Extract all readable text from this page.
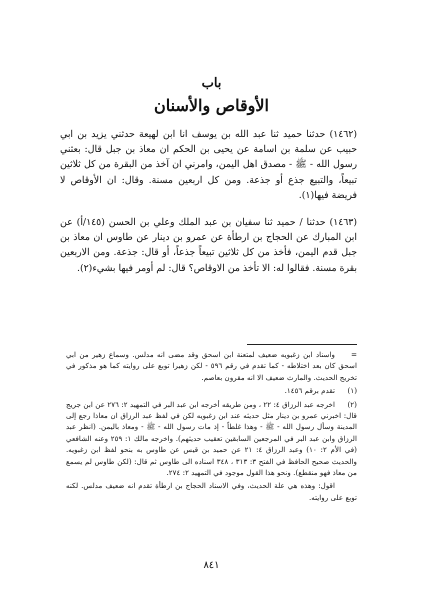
باب
الأوقاص والأسنان

(١٤٦٢) حدثنا حميد ثنا عبد الله بن يوسف انا ابن لهيعة حدثني يزيد بن ابي حبيب عن سلمة بن اسامة عن يحيى بن الحكم ان معاذ بن جبل قال: بعثني رسول الله - ﷺ - مصدق اهل اليمن، وامرني ان آخذ من البقرة من كل ثلاثين تبيعاً، والتبيع جذع أو جذعة. ومن كل اربعين مسنة. وقال: ان الأوقاص لا فريضة فيها(١).

(١٤٦٣) حدثنا / حميد ثنا سفيان بن عبد الملك وعلي بن الحسن (١٤٥/أ) عن ابن المبارك عن الحجاج بن ارطأة عن عمرو بن دينار عن طاوس ان معاذ بن جبل قدم اليمن، فأخذ من كل ثلاثين تبيعاً جذعاً، أو قال: جذعة. ومن الاربعين بقرة مسنة. فقالوا له: الا تأخذ من الاوقاص؟ قال: لم أومر فيها بشيء(٢).

=واسناد ابن زغبويه ضعيف لمتعنة ابن اسحق وقد مضى انه مدلس. وسماع زهير من ابي اسحق كان بعد اختلاطه - كما تقدم في رقم ٥٩٦ - لكن زهيرا توبع على روايته كما هو مذكور في تخريج الحديث. والمارث ضعيف الا انه مقرون بعاصم.

(١)تقدم برقم ١٤٥٦.

(٢)اخرجه عبد الرزاق ٤: ٢٢ ، ومن طريقه أخرجه ابن عبد البر في التمهيد ٢: ٢٧٦ عن ابن جريج قال: اخبرني عمرو بن دينار مثل حديثه عند ابن زغبويه لكن في لفظ عبد الرزاق ان معاذا رجع إلى المدينة وسأل رسول الله - ﷺ - وهذا غلطاً - إذ مات رسول الله - ﷺ - ومعاذ باليمن. (انظر عبد الرزاق وابن عبد البر في المرجعين السابقين تعقيب حديثهم). واخرجه مالك ١: ٢٥٩ وعنه الشافعي (في الأم ٢: ١٠) وعبد الرزاق ٤: ٢١ عن حميد بن قيس عن طاوس به بنحو لفظ ابن زغبويه. والحديث صحيح الحافظ في الفتح ٣: ٣١٣ ، ٣٤٨ اسناده الى طاوس ثم قال: (لكن طاوس لم يسمع من معاذ فهو منقطع). ونحو هذا القول موجود في التمهيد ٢: ٢٧٤.

اقول: وهذه هي علة الحديث، وفي الاسناد الحجاج بن ارطأة تقدم انه ضعيف مدلس. لكنه توبع على روايته.

٨٤١
